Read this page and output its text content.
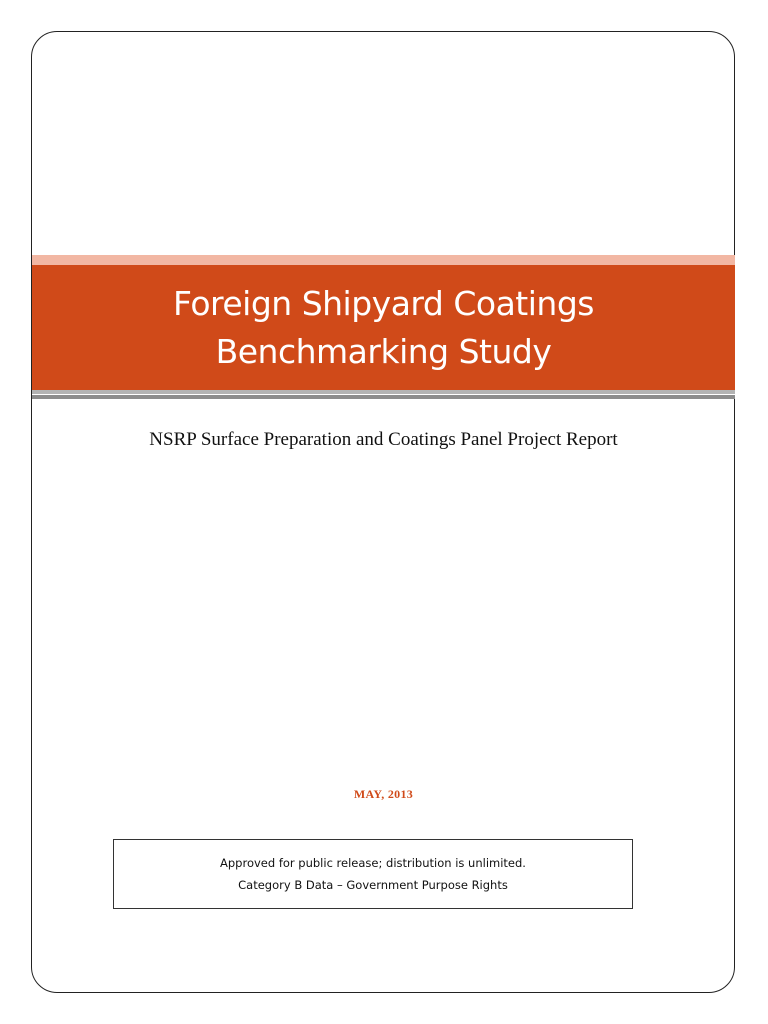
Foreign Shipyard Coatings
Benchmarking Study
NSRP Surface Preparation and Coatings Panel Project Report
MAY, 2013
Approved for public release; distribution is unlimited.
Category B Data – Government Purpose Rights
